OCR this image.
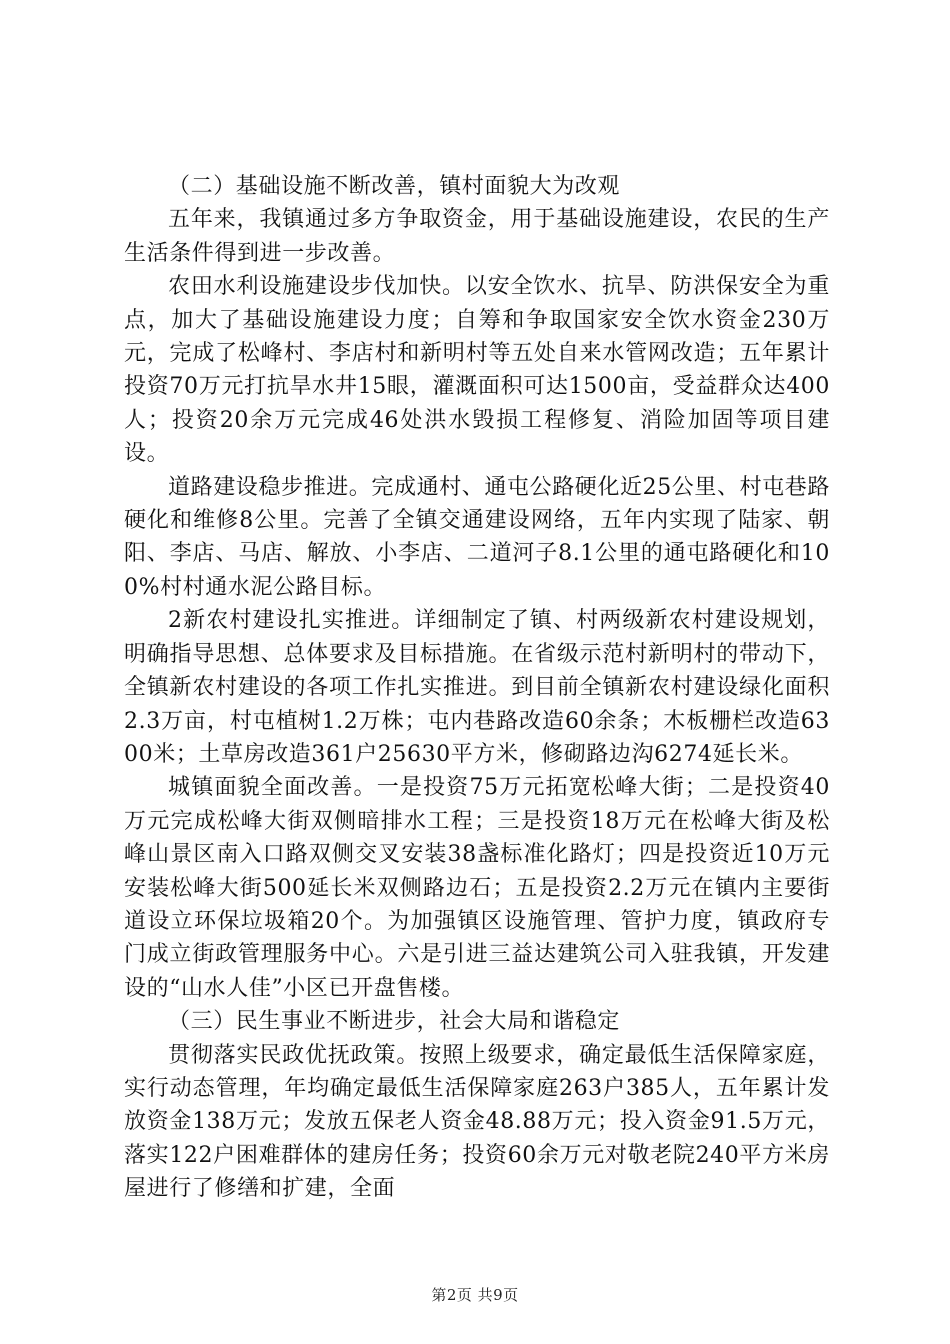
（二）基础设施不断改善，镇村面貌大为改观

五年来，我镇通过多方争取资金，用于基础设施建设，农民的生产生活条件得到进一步改善。

农田水利设施建设步伐加快。以安全饮水、抗旱、防洪保安全为重点，加大了基础设施建设力度；自筹和争取国家安全饮水资金230万元，完成了松峰村、李店村和新明村等五处自来水管网改造；五年累计投资70万元打抗旱水井15眼，灌溉面积可达1500亩，受益群众达400人；投资20余万元完成46处洪水毁损工程修复、消险加固等项目建设。

道路建设稳步推进。完成通村、通屯公路硬化近25公里、村屯巷路硬化和维修8公里。完善了全镇交通建设网络，五年内实现了陆家、朝阳、李店、马店、解放、小李店、二道河子8.1公里的通屯路硬化和100%村村通水泥公路目标。

2新农村建设扎实推进。详细制定了镇、村两级新农村建设规划，明确指导思想、总体要求及目标措施。在省级示范村新明村的带动下，全镇新农村建设的各项工作扎实推进。到目前全镇新农村建设绿化面积2.3万亩，村屯植树1.2万株；屯内巷路改造60余条；木板栅栏改造6300米；土草房改造361户25630平方米，修砌路边沟6274延长米。

城镇面貌全面改善。一是投资75万元拓宽松峰大街；二是投资40万元完成松峰大街双侧暗排水工程；三是投资18万元在松峰大街及松峰山景区南入口路双侧交叉安装38盏标准化路灯；四是投资近10万元安装松峰大街500延长米双侧路边石；五是投资2.2万元在镇内主要街道设立环保垃圾箱20个。为加强镇区设施管理、管护力度，镇政府专门成立街政管理服务中心。六是引进三益达建筑公司入驻我镇，开发建设的“山水人佳”小区已开盘售楼。

（三）民生事业不断进步，社会大局和谐稳定

贯彻落实民政优抚政策。按照上级要求，确定最低生活保障家庭，实行动态管理，年均确定最低生活保障家庭263户385人，五年累计发放资金138万元；发放五保老人资金48.88万元；投入资金91.5万元，落实122户困难群体的建房任务；投资60余万元对敬老院240平方米房屋进行了修缮和扩建，全面

第2页 共9页
